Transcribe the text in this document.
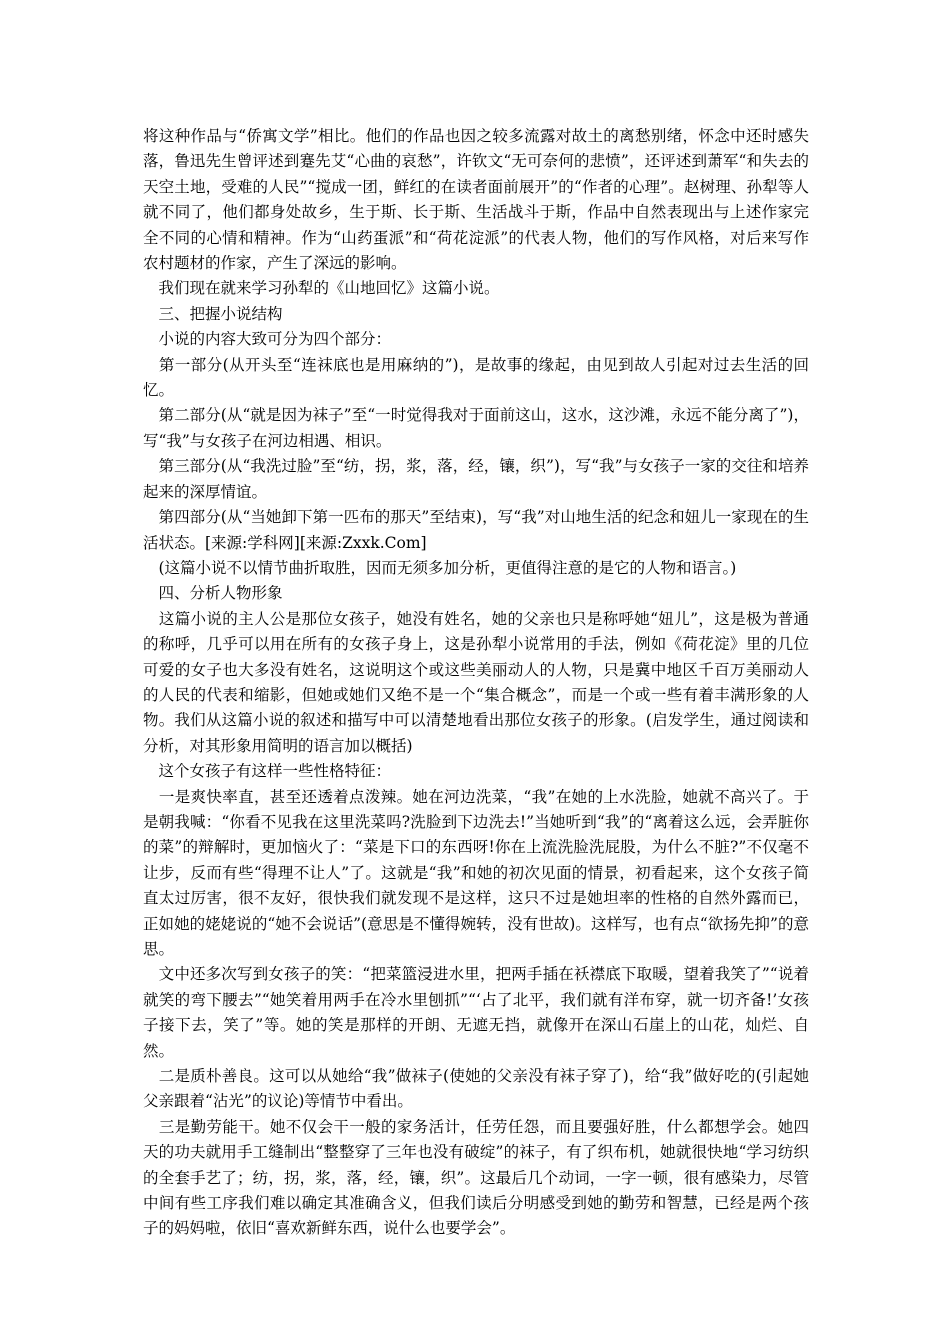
将这种作品与“侨寓文学”相比。他们的作品也因之较多流露对故土的离愁别绪，怀念中还时感失落，鲁迅先生曾评述到蹇先艾“心曲的哀愁”，许钦文“无可奈何的悲愤”，还评述到萧军“和失去的天空土地，受难的人民”“搅成一团，鲜红的在读者面前展开”的“作者的心理”。赵树理、孙犁等人就不同了，他们都身处故乡，生于斯、长于斯、生活战斗于斯，作品中自然表现出与上述作家完全不同的心情和精神。作为“山药蛋派”和“荷花淀派”的代表人物，他们的写作风格，对后来写作农村题材的作家，产生了深远的影响。

　我们现在就来学习孙犁的《山地回忆》这篇小说。

　三、把握小说结构

　小说的内容大致可分为四个部分：

　第一部分(从开头至“连袜底也是用麻纳的”)，是故事的缘起，由见到故人引起对过去生活的回忆。

　第二部分(从“就是因为袜子”至“一时觉得我对于面前这山，这水，这沙滩，永远不能分离了”)，写“我”与女孩子在河边相遇、相识。

　第三部分(从“我洗过脸”至“纺，拐，浆，落，经，镶，织”)，写“我”与女孩子一家的交往和培养起来的深厚情谊。

　第四部分(从“当她卸下第一匹布的那天”至结束)，写“我”对山地生活的纪念和妞儿一家现在的生活状态。[来源:学科网][来源:Zxxk.Com]

　(这篇小说不以情节曲折取胜，因而无须多加分析，更值得注意的是它的人物和语言。)

　四、分析人物形象

　这篇小说的主人公是那位女孩子，她没有姓名，她的父亲也只是称呼她“妞儿”，这是极为普通的称呼，几乎可以用在所有的女孩子身上，这是孙犁小说常用的手法，例如《荷花淀》里的几位可爱的女子也大多没有姓名，这说明这个或这些美丽动人的人物，只是冀中地区千百万美丽动人的人民的代表和缩影，但她或她们又绝不是一个“集合概念”，而是一个或一些有着丰满形象的人物。我们从这篇小说的叙述和描写中可以清楚地看出那位女孩子的形象。(启发学生，通过阅读和分析，对其形象用简明的语言加以概括)

　这个女孩子有这样一些性格特征：

　一是爽快率直，甚至还透着点泼辣。她在河边洗菜，“我”在她的上水洗脸，她就不高兴了。于是朝我喊：“你看不见我在这里洗菜吗?洗脸到下边洗去!”当她听到“我”的“离着这么远，会弄脏你的菜”的辩解时，更加恼火了：“菜是下口的东西呀!你在上流洗脸洗屁股，为什么不脏?”不仅毫不让步，反而有些“得理不让人”了。这就是“我”和她的初次见面的情景，初看起来，这个女孩子简直太过厉害，很不友好，很快我们就发现不是这样，这只不过是她坦率的性格的自然外露而已，正如她的姥姥说的“她不会说话”(意思是不懂得婉转，没有世故)。这样写，也有点“欲扬先抑”的意思。

　文中还多次写到女孩子的笑：“把菜篮浸进水里，把两手插在袄襟底下取暖，望着我笑了”“说着就笑的弯下腰去”“她笑着用两手在冷水里刨抓”“‘占了北平，我们就有洋布穿，就一切齐备!’女孩子接下去，笑了”等。她的笑是那样的开朗、无遮无挡，就像开在深山石崖上的山花，灿烂、自然。

　二是质朴善良。这可以从她给“我”做袜子(使她的父亲没有袜子穿了)，给“我”做好吃的(引起她父亲跟着“沾光”的议论)等情节中看出。

　三是勤劳能干。她不仅会干一般的家务活计，任劳任怨，而且要强好胜，什么都想学会。她四天的功夫就用手工缝制出“整整穿了三年也没有破绽”的袜子，有了织布机，她就很快地“学习纺织的全套手艺了；纺，拐，浆，落，经，镶，织”。这最后几个动词，一字一顿，很有感染力，尽管中间有些工序我们难以确定其准确含义，但我们读后分明感受到她的勤劳和智慧，已经是两个孩子的妈妈啦，依旧“喜欢新鲜东西，说什么也要学会”。
